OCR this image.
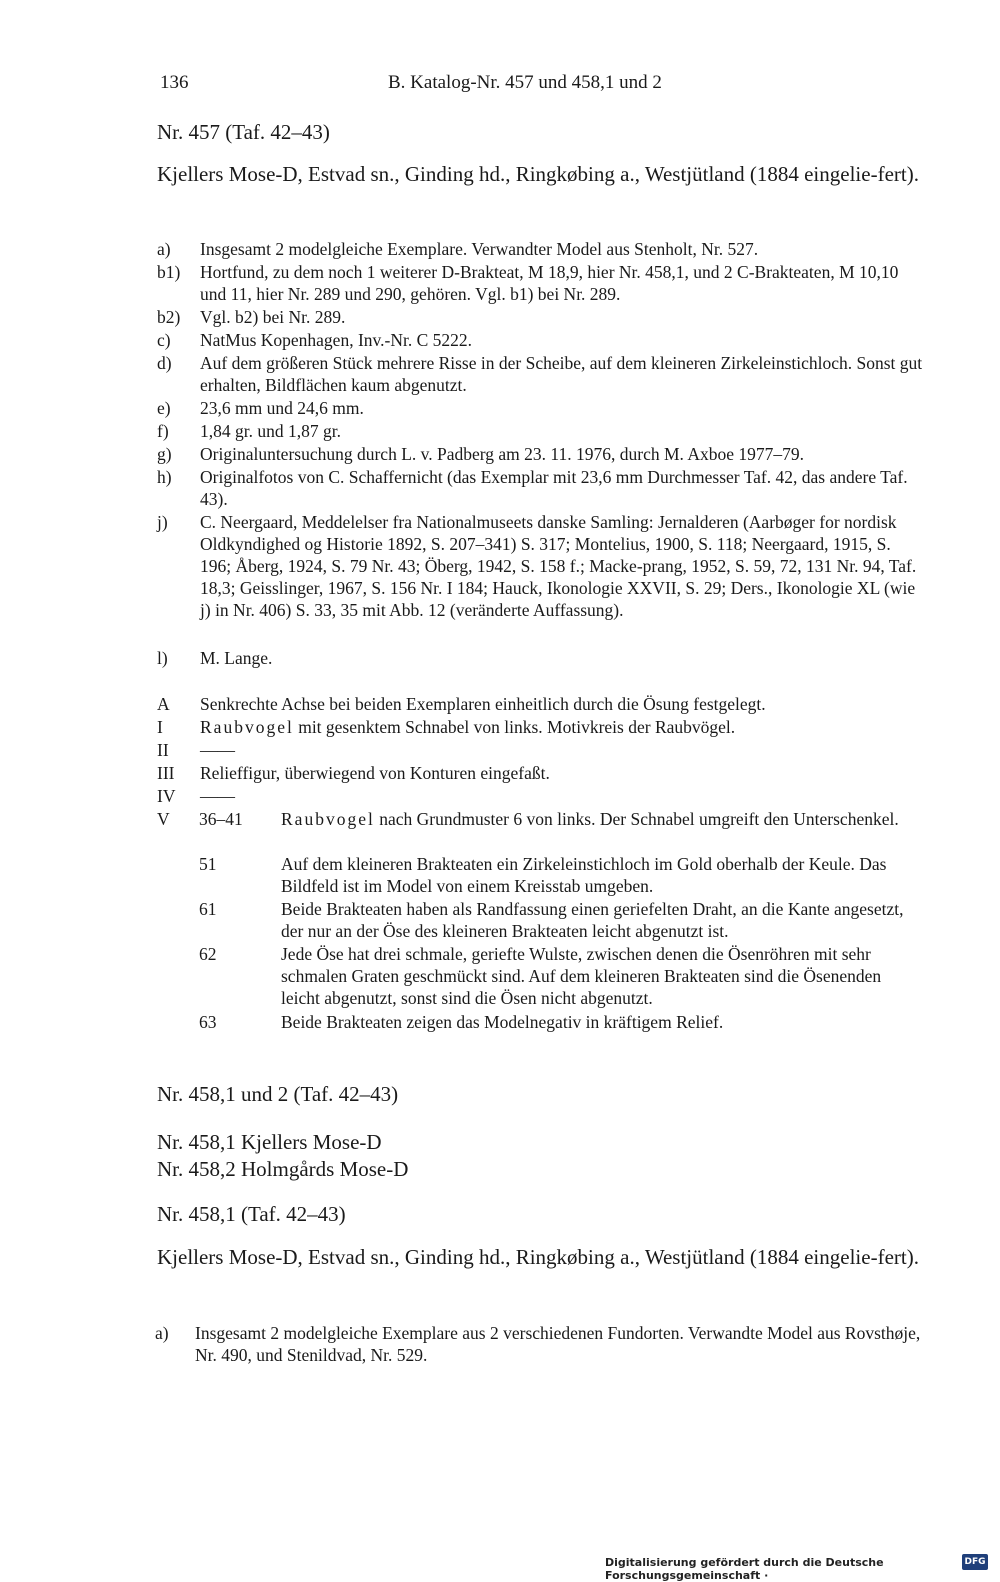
136	B. Katalog-Nr. 457 und 458,1 und 2
Nr. 457 (Taf. 42–43)
Kjellers Mose-D, Estvad sn., Ginding hd., Ringkøbing a., Westjütland (1884 eingelie-fert).
a) Insgesamt 2 modelgleiche Exemplare. Verwandter Model aus Stenholt, Nr. 527.
b1) Hortfund, zu dem noch 1 weiterer D-Brakteat, M 18,9, hier Nr. 458,1, und 2 C-Brakteaten, M 10,10 und 11, hier Nr. 289 und 290, gehören. Vgl. b1) bei Nr. 289.
b2) Vgl. b2) bei Nr. 289.
c) NatMus Kopenhagen, Inv.-Nr. C 5222.
d) Auf dem größeren Stück mehrere Risse in der Scheibe, auf dem kleineren Zirkeleinstichloch. Sonst gut erhalten, Bildflächen kaum abgenutzt.
e) 23,6 mm und 24,6 mm.
f) 1,84 gr. und 1,87 gr.
g) Originaluntersuchung durch L. v. Padberg am 23. 11. 1976, durch M. Axboe 1977–79.
h) Originalfotos von C. Schaffernicht (das Exemplar mit 23,6 mm Durchmesser Taf. 42, das andere Taf. 43).
j) C. Neergaard, Meddelelser fra Nationalmuseets danske Samling: Jernalderen (Aarbøger for nordisk Oldkyndighed og Historie 1892, S. 207–341) S. 317; Montelius, 1900, S. 118; Neergaard, 1915, S. 196; Åberg, 1924, S. 79 Nr. 43; Öberg, 1942, S. 158 f.; Macke-prang, 1952, S. 59, 72, 131 Nr. 94, Taf. 18,3; Geisslinger, 1967, S. 156 Nr. I 184; Hauck, Ikonologie XXVII, S. 29; Ders., Ikonologie XL (wie j) in Nr. 406) S. 33, 35 mit Abb. 12 (veränderte Auffassung).
l) M. Lange.
A Senkrechte Achse bei beiden Exemplaren einheitlich durch die Ösung festgelegt.
I Raubvogel mit gesenktem Schnabel von links. Motivkreis der Raubvögel.
II ——
III Relieffigur, überwiegend von Konturen eingefaßt.
IV ——
V 36–41 Raubvogel nach Grundmuster 6 von links. Der Schnabel umgreift den Unterschenkel.
51	Auf dem kleineren Brakteaten ein Zirkeleinstichloch im Gold oberhalb der Keule. Das Bildfeld ist im Model von einem Kreisstab umgeben.
61	Beide Brakteaten haben als Randfassung einen geriefelten Draht, an die Kante angesetzt, der nur an der Öse des kleineren Brakteaten leicht abgenutzt ist.
62	Jede Öse hat drei schmale, geriefte Wulste, zwischen denen die Ösenröhren mit sehr schmalen Graten geschmückt sind. Auf dem kleineren Brakteaten sind die Ösenenden leicht abgenutzt, sonst sind die Ösen nicht abgenutzt.
63	Beide Brakteaten zeigen das Modelnegativ in kräftigem Relief.
Nr. 458,1 und 2 (Taf. 42–43)
Nr. 458,1 Kjellers Mose-D
Nr. 458,2 Holmgårds Mose-D
Nr. 458,1 (Taf. 42–43)
Kjellers Mose-D, Estvad sn., Ginding hd., Ringkøbing a., Westjütland (1884 eingelie-fert).
a) Insgesamt 2 modelgleiche Exemplare aus 2 verschiedenen Fundorten. Verwandte Model aus Rovsthøje, Nr. 490, und Stenildvad, Nr. 529.
Digitalisierung gefördert durch die Deutsche Forschungsgemeinschaft ·
DFG
